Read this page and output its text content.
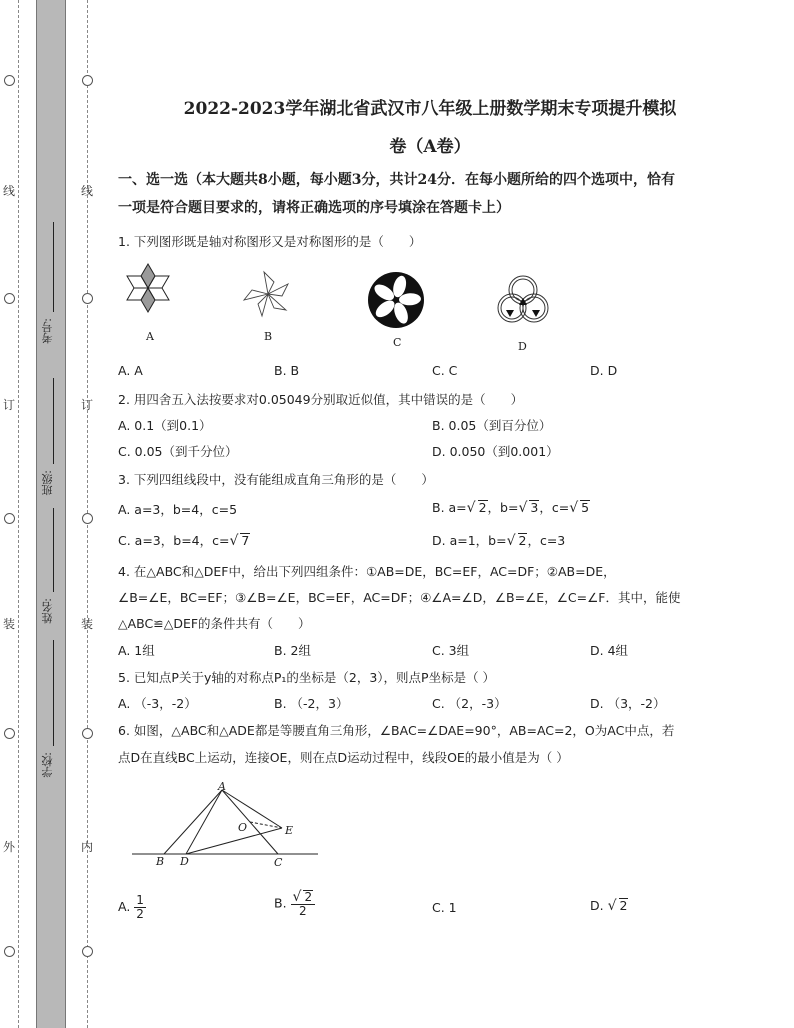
线
订
装
外
线
订
装
内
考号:
班级:
姓名:
学校:
2022-2023学年湖北省武汉市八年级上册数学期末专项提升模拟
卷（A卷）
一、选一选（本大题共8小题，每小题3分，共计24分．在每小题所给的四个选项中，恰有一项是符合题目要求的，请将正确选项的序号填涂在答题卡上）
1. 下列图形既是轴对称图形又是对称图形的是（　　）
A	B	C	D
A. A	B. B	C. C	D. D
2. 用四舍五入法按要求对0.05049分别取近似值，其中错误的是（　　）
A. 0.1（到0.1）	B. 0.05（到百分位）
C. 0.05（到千分位）	D. 0.050（到0.001）
3. 下列四组线段中，没有能组成直角三角形的是（　　）
A. a=3，b=4，c=5	B. a=√ 2，b=√ 3，c=√ 5
C. a=3，b=4，c=√ 7	D. a=1，b=√ 2，c=3
4. 在△ABC和△DEF中，给出下列四组条件：①AB=DE，BC=EF，AC=DF；②AB=DE，
∠B=∠E，BC=EF；③∠B=∠E，BC=EF，AC=DF；④∠A=∠D，∠B=∠E，∠C=∠F．其中，能使
△ABC≌△DEF的条件共有（　　）
A. 1组	B. 2组	C. 3组	D. 4组
5. 已知点P关于y轴的对称点P₁的坐标是（2，3），则点P坐标是（ ）
A. （-3，-2）	B. （-2，3）	C. （2，-3）	D. （3，-2）
6. 如图，△ABC和△ADE都是等腰直角三角形，∠BAC=∠DAE=90°，AB=AC=2，O为AC中点，若
点D在直线BC上运动，连接OE，则在点D运动过程中，线段OE的最小值是为（ ）
A
O	E
B D	C
A. $\frac{1}{2}$	B. $\frac{√ 2}{2}$	C. 1	D. √ 2
